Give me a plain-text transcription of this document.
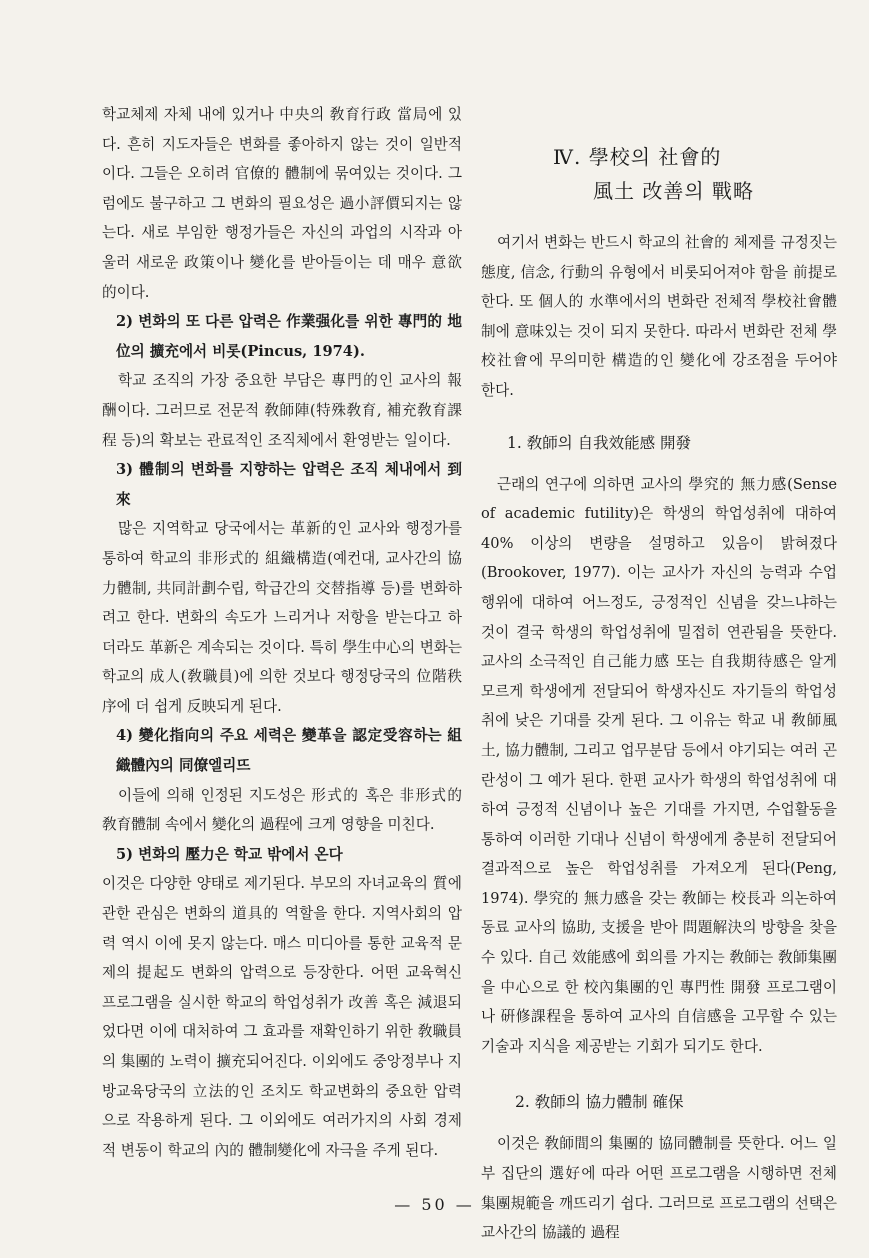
학교체제 자체 내에 있거나 中央의 敎育行政 當局에 있다. 흔히 지도자들은 변화를 좋아하지 않는 것이 일반적이다. 그들은 오히려 官僚的 體制에 묶여있는 것이다. 그럼에도 불구하고 그 변화의 필요성은 過小評價되지는 않는다. 새로 부임한 행정가들은 자신의 과업의 시작과 아울러 새로운 政策이나 變化를 받아들이는 데 매우 意欲的이다.

2) 변화의 또 다른 압력은 作業强化를 위한 專門的 地位의 擴充에서 비롯(Pincus, 1974).

학교 조직의 가장 중요한 부담은 專門的인 교사의 報酬이다. 그러므로 전문적 敎師陣(特殊敎育, 補充敎育課程 등)의 확보는 관료적인 조직체에서 환영받는 일이다.

3) 體制의 변화를 지향하는 압력은 조직 체내에서 到來

많은 지역학교 당국에서는 革新的인 교사와 행정가를 통하여 학교의 非形式的 組織構造(예컨대, 교사간의 協力體制, 共同計劃수립, 학급간의 交替指導 등)를 변화하려고 한다. 변화의 속도가 느리거나 저항을 받는다고 하더라도 革新은 계속되는 것이다. 특히 學生中心의 변화는 학교의 成人(敎職員)에 의한 것보다 행정당국의 位階秩序에 더 쉽게 反映되게 된다.

4) 變化指向의 주요 세력은 變革을 認定受容하는 組織體內의 同僚엘리뜨

이들에 의해 인정된 지도성은 形式的 혹은 非形式的 敎育體制 속에서 變化의 過程에 크게 영향을 미친다.

5) 변화의 壓力은 학교 밖에서 온다

이것은 다양한 양태로 제기된다. 부모의 자녀교육의 質에 관한 관심은 변화의 道具的 역할을 한다. 지역사회의 압력 역시 이에 못지 않는다. 매스 미디아를 통한 교육적 문제의 提起도 변화의 압력으로 등장한다. 어떤 교육혁신 프로그램을 실시한 학교의 학업성취가 改善 혹은 減退되었다면 이에 대처하여 그 효과를 재확인하기 위한 敎職員의 集團的 노력이 擴充되어진다. 이외에도 중앙정부나 지방교육당국의 立法的인 조치도 학교변화의 중요한 압력으로 작용하게 된다. 그 이외에도 여러가지의 사회 경제적 변동이 학교의 內的 體制變化에 자극을 주게 된다.

Ⅳ. 學校의 社會的
風土 改善의 戰略

여기서 변화는 반드시 학교의 社會的 체제를 규정짓는 態度, 信念, 行動의 유형에서 비롯되어져야 함을 前提로 한다. 또 個人的 水準에서의 변화란 전체적 學校社會體制에 意味있는 것이 되지 못한다. 따라서 변화란 전체 學校社會에 무의미한 構造的인 變化에 강조점을 두어야 한다.

1. 敎師의 自我效能感 開發

근래의 연구에 의하면 교사의 學究的 無力感(Sense of academic futility)은 학생의 학업성취에 대하여 40% 이상의 변량을 설명하고 있음이 밝혀졌다(Brookover, 1977). 이는 교사가 자신의 능력과 수업행위에 대하여 어느정도, 긍정적인 신념을 갖느냐하는 것이 결국 학생의 학업성취에 밀접히 연관됨을 뜻한다. 교사의 소극적인 自己能力感 또는 自我期待感은 알게 모르게 학생에게 전달되어 학생자신도 자기들의 학업성취에 낮은 기대를 갖게 된다. 그 이유는 학교 내 敎師風土, 協力體制, 그리고 업무분담 등에서 야기되는 여러 곤란성이 그 예가 된다. 한편 교사가 학생의 학업성취에 대하여 긍정적 신념이나 높은 기대를 가지면, 수업활동을 통하여 이러한 기대나 신념이 학생에게 충분히 전달되어 결과적으로 높은 학업성취를 가져오게 된다(Peng, 1974). 學究的 無力感을 갖는 敎師는 校長과 의논하여 동료 교사의 協助, 支援을 받아 問題解決의 방향을 찾을 수 있다. 自己 效能感에 회의를 가지는 敎師는 敎師集團을 中心으로 한 校內集團的인 專門性 開發 프로그램이나 硏修課程을 통하여 교사의 自信感을 고무할 수 있는 기술과 지식을 제공받는 기회가 되기도 한다.

2. 敎師의 協力體制 確保

이것은 敎師間의 集團的 協同體制를 뜻한다. 어느 일부 집단의 選好에 따라 어떤 프로그램을 시행하면 전체 集團規範을 깨뜨리기 쉽다. 그러므로 프로그램의 선택은 교사간의 協議的 過程

— 50 —
